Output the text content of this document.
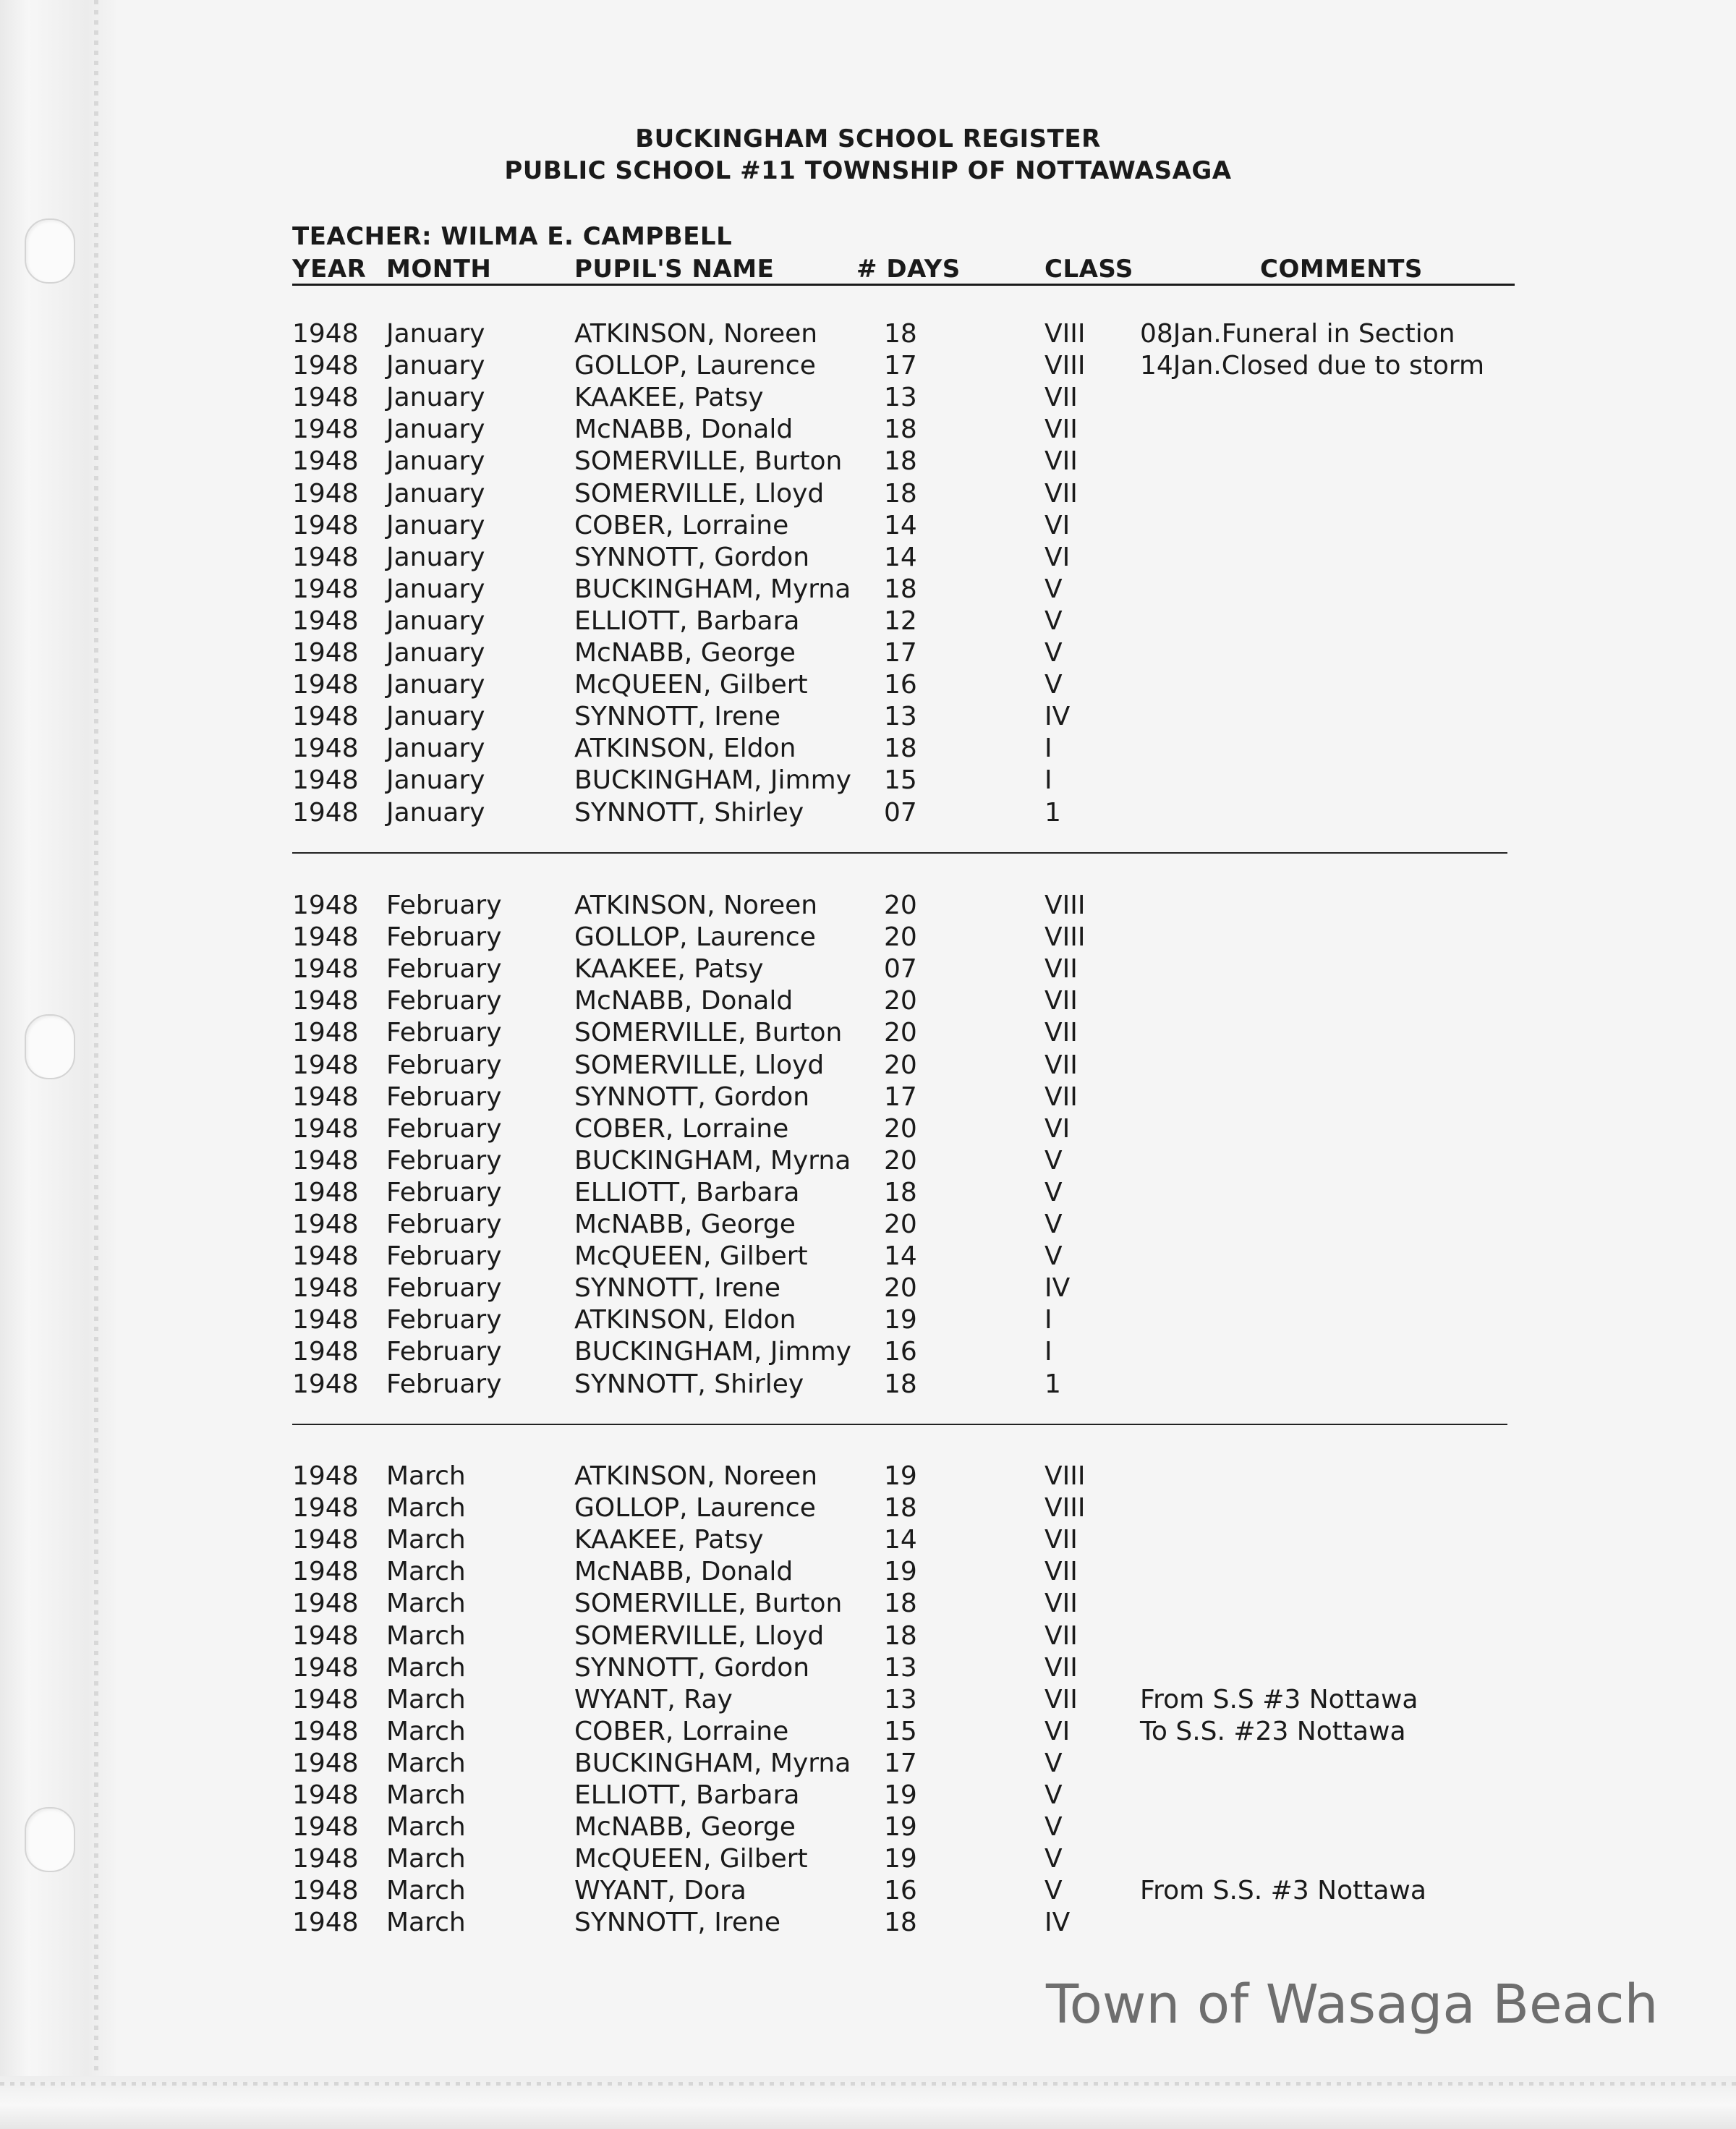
BUCKINGHAM SCHOOL REGISTER
PUBLIC SCHOOL #11 TOWNSHIP OF NOTTAWASAGA
TEACHER: WILMA E. CAMPBELL
YEAR MONTH	PUPIL'S NAME	# DAYS	CLASS	COMMENTS
1948 January	ATKINSON, Noreen	18	VIII 08Jan.Funeral in Section
1948 January	GOLLOP, Laurence	17	VIII 14Jan.Closed due to storm
1948 January	KAAKEE, Patsy	13	VII
1948 January	McNABB, Donald	18	VII
1948 January	SOMERVILLE, Burton 18	VII
1948 January	SOMERVILLE, Lloyd 18	VII
1948 January	COBER, Lorraine	14	VI
1948 January	SYNNOTT, Gordon	14	VI
1948 January	BUCKINGHAM, Myrna 18	V
1948 January	ELLIOTT, Barbara	12	V
1948 January	McNABB, George	17	V
1948 January	McQUEEN, Gilbert	16	V
1948 January	SYNNOTT, Irene	13	IV
1948 January	ATKINSON, Eldon	18	I
1948 January	BUCKINGHAM, Jimmy 15	I
1948 January	SYNNOTT, Shirley	07	1
1948 February	ATKINSON, Noreen	20	VIII
1948 February	GOLLOP, Laurence	20	VIII
1948 February	KAAKEE, Patsy	07	VII
1948 February	McNABB, Donald	20	VII
1948 February	SOMERVILLE, Burton 20	VII
1948 February	SOMERVILLE, Lloyd 20	VII
1948 February	SYNNOTT, Gordon	17	VII
1948 February	COBER, Lorraine	20	VI
1948 February	BUCKINGHAM, Myrna 20	V
1948 February	ELLIOTT, Barbara	18	V
1948 February	McNABB, George	20	V
1948 February	McQUEEN, Gilbert	14	V
1948 February	SYNNOTT, Irene	20	IV
1948 February	ATKINSON, Eldon	19	I
1948 February	BUCKINGHAM, Jimmy 16	I
1948 February	SYNNOTT, Shirley	18	1
1948 March	ATKINSON, Noreen	19	VIII
1948 March	GOLLOP, Laurence	18	VIII
1948 March	KAAKEE, Patsy	14	VII
1948 March	McNABB, Donald	19	VII
1948 March	SOMERVILLE, Burton 18	VII
1948 March	SOMERVILLE, Lloyd 18	VII
1948 March	SYNNOTT, Gordon	13	VII
1948 March	WYANT, Ray	13	VII From S.S #3 Nottawa
1948 March	COBER, Lorraine	15	VI	To S.S. #23 Nottawa
1948 March	BUCKINGHAM, Myrna 17	V
1948 March	ELLIOTT, Barbara	19	V
1948 March	McNABB, George	19	V
1948 March	McQUEEN, Gilbert	19	V
1948 March	WYANT, Dora	16	V	From S.S. #3 Nottawa
1948 March	SYNNOTT, Irene	18	IV
Town of Wasaga Beach
